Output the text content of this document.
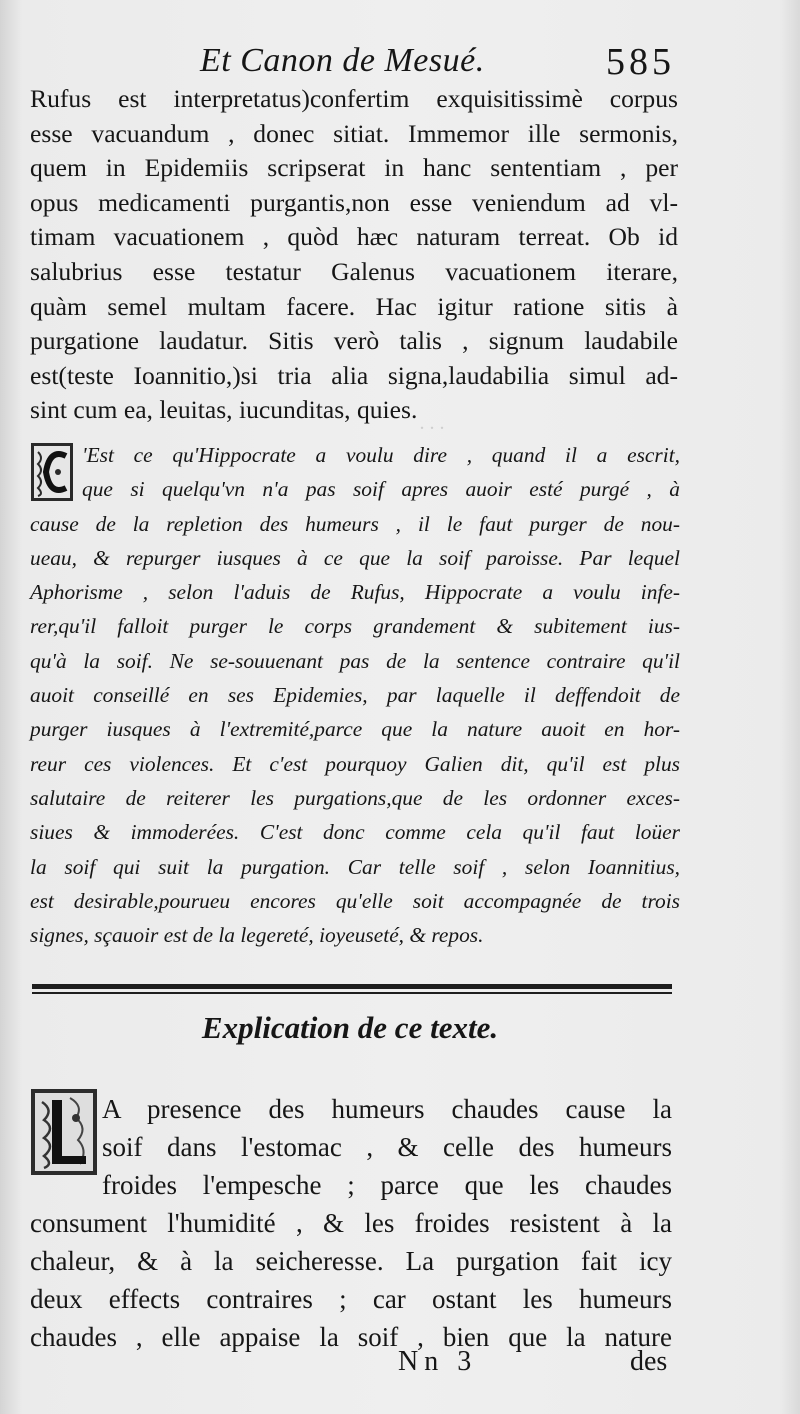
. . .
Et Canon de Mesué.	585
Rufus est interpretatus)confertim exquisitissimè corpus
esse vacuandum , donec sitiat. Immemor ille sermonis,
quem in Epidemiis scripserat in hanc sententiam , per
opus medicamenti purgantis,non esse veniendum ad vl-
timam vacuationem , quòd hæc naturam terreat. Ob id
salubrius esse testatur Galenus vacuationem iterare,
quàm semel multam facere. Hac igitur ratione sitis à
purgatione laudatur. Sitis verò talis , signum laudabile
est(teste Ioannitio,)si tria alia signa,laudabilia simul ad-
sint cum ea, leuitas, iucunditas, quies.
'Est ce qu'Hippocrate a voulu dire , quand il a escrit,
que si quelqu'vn n'a pas soif apres auoir esté purgé , à
cause de la repletion des humeurs , il le faut purger de nou-
ueau, & repurger iusques à ce que la soif paroisse. Par lequel
Aphorisme , selon l'aduis de Rufus, Hippocrate a voulu infe-
rer,qu'il falloit purger le corps grandement & subitement ius-
qu'à la soif. Ne se-souuenant pas de la sentence contraire qu'il
auoit conseillé en ses Epidemies, par laquelle il deffendoit de
purger iusques à l'extremité,parce que la nature auoit en hor-
reur ces violences. Et c'est pourquoy Galien dit, qu'il est plus
salutaire de reiterer les purgations,que de les ordonner exces-
siues & immoderées. C'est donc comme cela qu'il faut loüer
la soif qui suit la purgation. Car telle soif , selon Ioannitius,
est desirable,pourueu encores qu'elle soit accompagnée de trois
signes, sçauoir est de la legereté, ioyeuseté, & repos.
Explication de ce texte.
A presence des humeurs chaudes cause la
soif dans l'estomac , & celle des humeurs
froides l'empesche ; parce que les chaudes
consument l'humidité , & les froides resistent à la
chaleur, & à la seicheresse. La purgation fait icy
deux effects contraires ; car ostant les humeurs
chaudes , elle appaise la soif , bien que la nature
Nn 3	des
